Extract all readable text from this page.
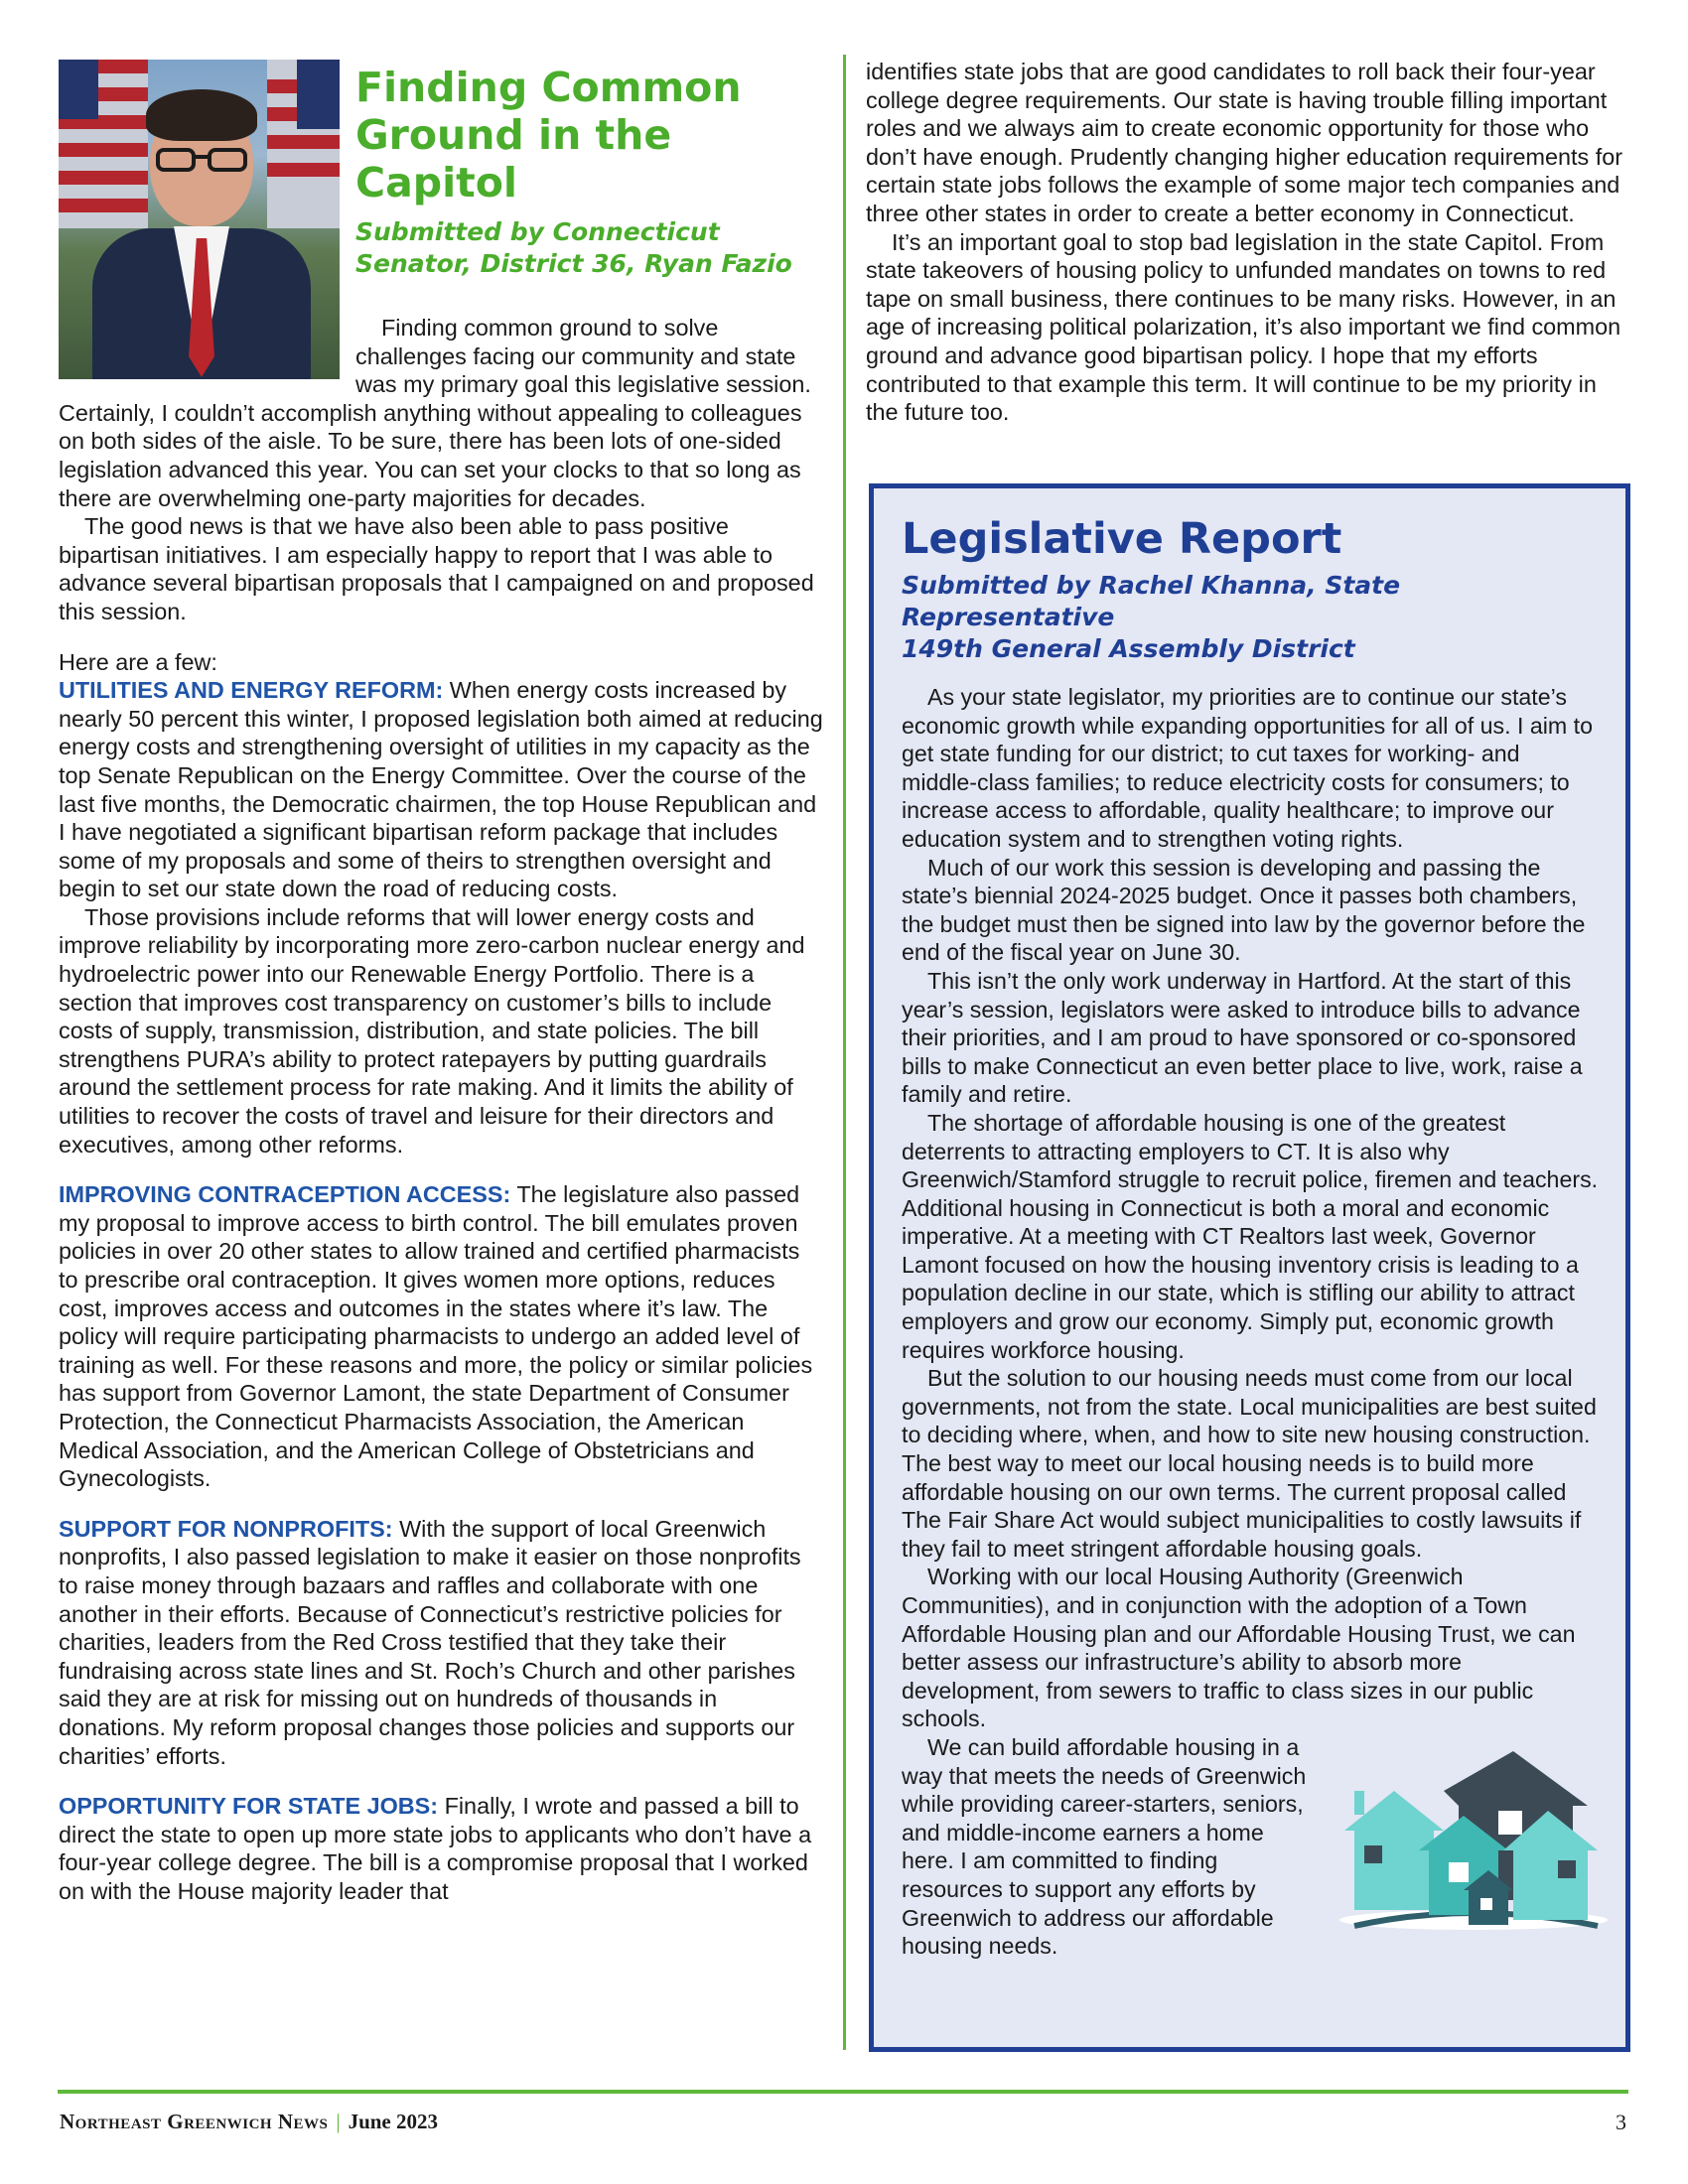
Finding Common Ground in the Capitol
Submitted by Connecticut Senator, District 36, Ryan Fazio

Finding common ground to solve challenges facing our community and state was my primary goal this legislative session. Certainly, I couldn’t accomplish anything without appealing to colleagues on both sides of the aisle. To be sure, there has been lots of one-sided legislation advanced this year. You can set your clocks to that so long as there are overwhelming one-party majorities for decades.

The good news is that we have also been able to pass positive bipartisan initiatives. I am especially happy to report that I was able to advance several bipartisan proposals that I campaigned on and proposed this session.

Here are a few:

UTILITIES AND ENERGY REFORM: When energy costs increased by nearly 50 percent this winter, I proposed legislation both aimed at reducing energy costs and strengthening oversight of utilities in my capacity as the top Senate Republican on the Energy Committee. Over the course of the last five months, the Democratic chairmen, the top House Republican and I have negotiated a significant bipartisan reform package that includes some of my proposals and some of theirs to strengthen oversight and begin to set our state down the road of reducing costs.

Those provisions include reforms that will lower energy costs and improve reliability by incorporating more zero-carbon nuclear energy and hydroelectric power into our Renewable Energy Portfolio. There is a section that improves cost transparency on customer’s bills to include costs of supply, transmission, distribution, and state policies. The bill strengthens PURA’s ability to protect ratepayers by putting guardrails around the settlement process for rate making. And it limits the ability of utilities to recover the costs of travel and leisure for their directors and executives, among other reforms.

IMPROVING CONTRACEPTION ACCESS: The legislature also passed my proposal to improve access to birth control. The bill emulates proven policies in over 20 other states to allow trained and certified pharmacists to prescribe oral contraception. It gives women more options, reduces cost, improves access and outcomes in the states where it’s law. The policy will require participating pharmacists to undergo an added level of training as well. For these reasons and more, the policy or similar policies has support from Governor Lamont, the state Department of Consumer Protection, the Connecticut Pharmacists Association, the American Medical Association, and the American College of Obstetricians and Gynecologists.

SUPPORT FOR NONPROFITS: With the support of local Greenwich nonprofits, I also passed legislation to make it easier on those nonprofits to raise money through bazaars and raffles and collaborate with one another in their efforts. Because of Connecticut’s restrictive policies for charities, leaders from the Red Cross testified that they take their fundraising across state lines and St. Roch’s Church and other parishes said they are at risk for missing out on hundreds of thousands in donations. My reform proposal changes those policies and supports our charities’ efforts.

OPPORTUNITY FOR STATE JOBS: Finally, I wrote and passed a bill to direct the state to open up more state jobs to applicants who don’t have a four-year college degree. The bill is a compromise proposal that I worked on with the House majority leader that

identifies state jobs that are good candidates to roll back their four-year college degree requirements. Our state is having trouble filling important roles and we always aim to create economic opportunity for those who don’t have enough. Prudently changing higher education requirements for certain state jobs follows the example of some major tech companies and three other states in order to create a better economy in Connecticut.

It’s an important goal to stop bad legislation in the state Capitol. From state takeovers of housing policy to unfunded mandates on towns to red tape on small business, there continues to be many risks. However, in an age of increasing political polarization, it’s also important we find common ground and advance good bipartisan policy. I hope that my efforts contributed to that example this term. It will continue to be my priority in the future too.

Legislative Report
Submitted by Rachel Khanna, State Representative
149th General Assembly District

As your state legislator, my priorities are to continue our state’s economic growth while expanding opportunities for all of us. I aim to get state funding for our district; to cut taxes for working- and middle-class families; to reduce electricity costs for consumers; to increase access to affordable, quality healthcare; to improve our education system and to strengthen voting rights.

Much of our work this session is developing and passing the state’s biennial 2024-2025 budget. Once it passes both chambers, the budget must then be signed into law by the governor before the end of the fiscal year on June 30.

This isn’t the only work underway in Hartford. At the start of this year’s session, legislators were asked to introduce bills to advance their priorities, and I am proud to have sponsored or co-sponsored bills to make Connecticut an even better place to live, work, raise a family and retire.

The shortage of affordable housing is one of the greatest deterrents to attracting employers to CT. It is also why Greenwich/Stamford struggle to recruit police, firemen and teachers. Additional housing in Connecticut is both a moral and economic imperative. At a meeting with CT Realtors last week, Governor Lamont focused on how the housing inventory crisis is leading to a population decline in our state, which is stifling our ability to attract employers and grow our economy. Simply put, economic growth requires workforce housing.

But the solution to our housing needs must come from our local governments, not from the state. Local municipalities are best suited to deciding where, when, and how to site new housing construction. The best way to meet our local housing needs is to build more affordable housing on our own terms. The current proposal called The Fair Share Act would subject municipalities to costly lawsuits if they fail to meet stringent affordable housing goals.

Working with our local Housing Authority (Greenwich Communities), and in conjunction with the adoption of a Town Affordable Housing plan and our Affordable Housing Trust, we can better assess our infrastructure’s ability to absorb more development, from sewers to traffic to class sizes in our public schools.

We can build affordable housing in a way that meets the needs of Greenwich while providing career-starters, seniors, and middle-income earners a home here. I am committed to finding resources to support any efforts by Greenwich to address our affordable housing needs.

Northeast Greenwich News | June 2023	3
